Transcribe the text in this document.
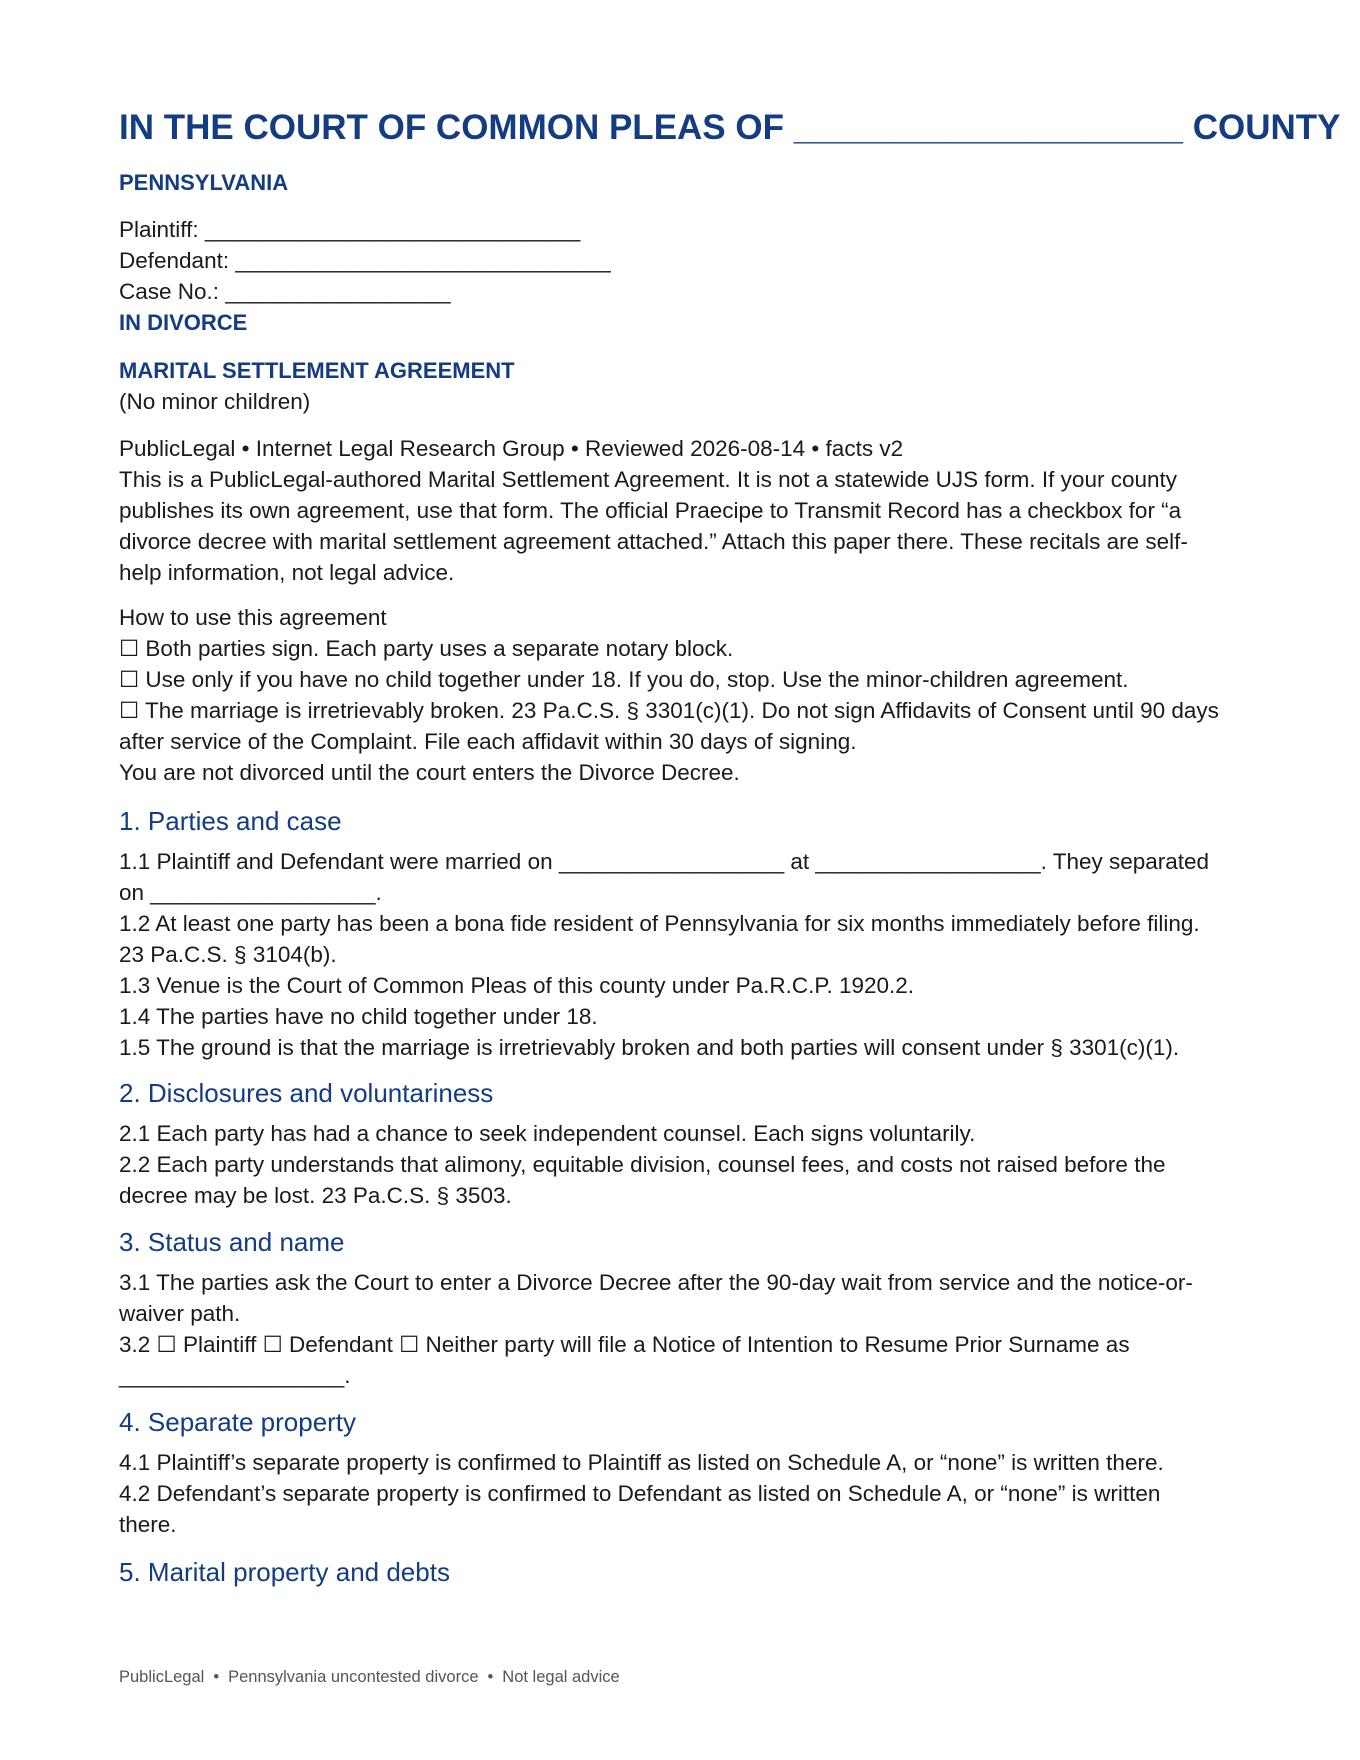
IN THE COURT OF COMMON PLEAS OF ____________________ COUNTY
PENNSYLVANIA
Plaintiff: ______________________________
Defendant: ______________________________
Case No.: __________________
IN DIVORCE
MARITAL SETTLEMENT AGREEMENT
(No minor children)
PublicLegal • Internet Legal Research Group • Reviewed 2026-08-14 • facts v2
This is a PublicLegal-authored Marital Settlement Agreement. It is not a statewide UJS form. If your county publishes its own agreement, use that form. The official Praecipe to Transmit Record has a checkbox for “a divorce decree with marital settlement agreement attached.” Attach this paper there. These recitals are self-help information, not legal advice.
How to use this agreement
☐ Both parties sign. Each party uses a separate notary block.
☐ Use only if you have no child together under 18. If you do, stop. Use the minor-children agreement.
☐ The marriage is irretrievably broken. 23 Pa.C.S. § 3301(c)(1). Do not sign Affidavits of Consent until 90 days after service of the Complaint. File each affidavit within 30 days of signing.
You are not divorced until the court enters the Divorce Decree.
1. Parties and case
1.1 Plaintiff and Defendant were married on __________________ at __________________. They separated on __________________.
1.2 At least one party has been a bona fide resident of Pennsylvania for six months immediately before filing. 23 Pa.C.S. § 3104(b).
1.3 Venue is the Court of Common Pleas of this county under Pa.R.C.P. 1920.2.
1.4 The parties have no child together under 18.
1.5 The ground is that the marriage is irretrievably broken and both parties will consent under § 3301(c)(1).
2. Disclosures and voluntariness
2.1 Each party has had a chance to seek independent counsel. Each signs voluntarily.
2.2 Each party understands that alimony, equitable division, counsel fees, and costs not raised before the decree may be lost. 23 Pa.C.S. § 3503.
3. Status and name
3.1 The parties ask the Court to enter a Divorce Decree after the 90-day wait from service and the notice-or-waiver path.
3.2 ☐ Plaintiff ☐ Defendant ☐ Neither party will file a Notice of Intention to Resume Prior Surname as __________________.
4. Separate property
4.1 Plaintiff’s separate property is confirmed to Plaintiff as listed on Schedule A, or “none” is written there.
4.2 Defendant’s separate property is confirmed to Defendant as listed on Schedule A, or “none” is written there.
5. Marital property and debts
PublicLegal • Pennsylvania uncontested divorce • Not legal advice
